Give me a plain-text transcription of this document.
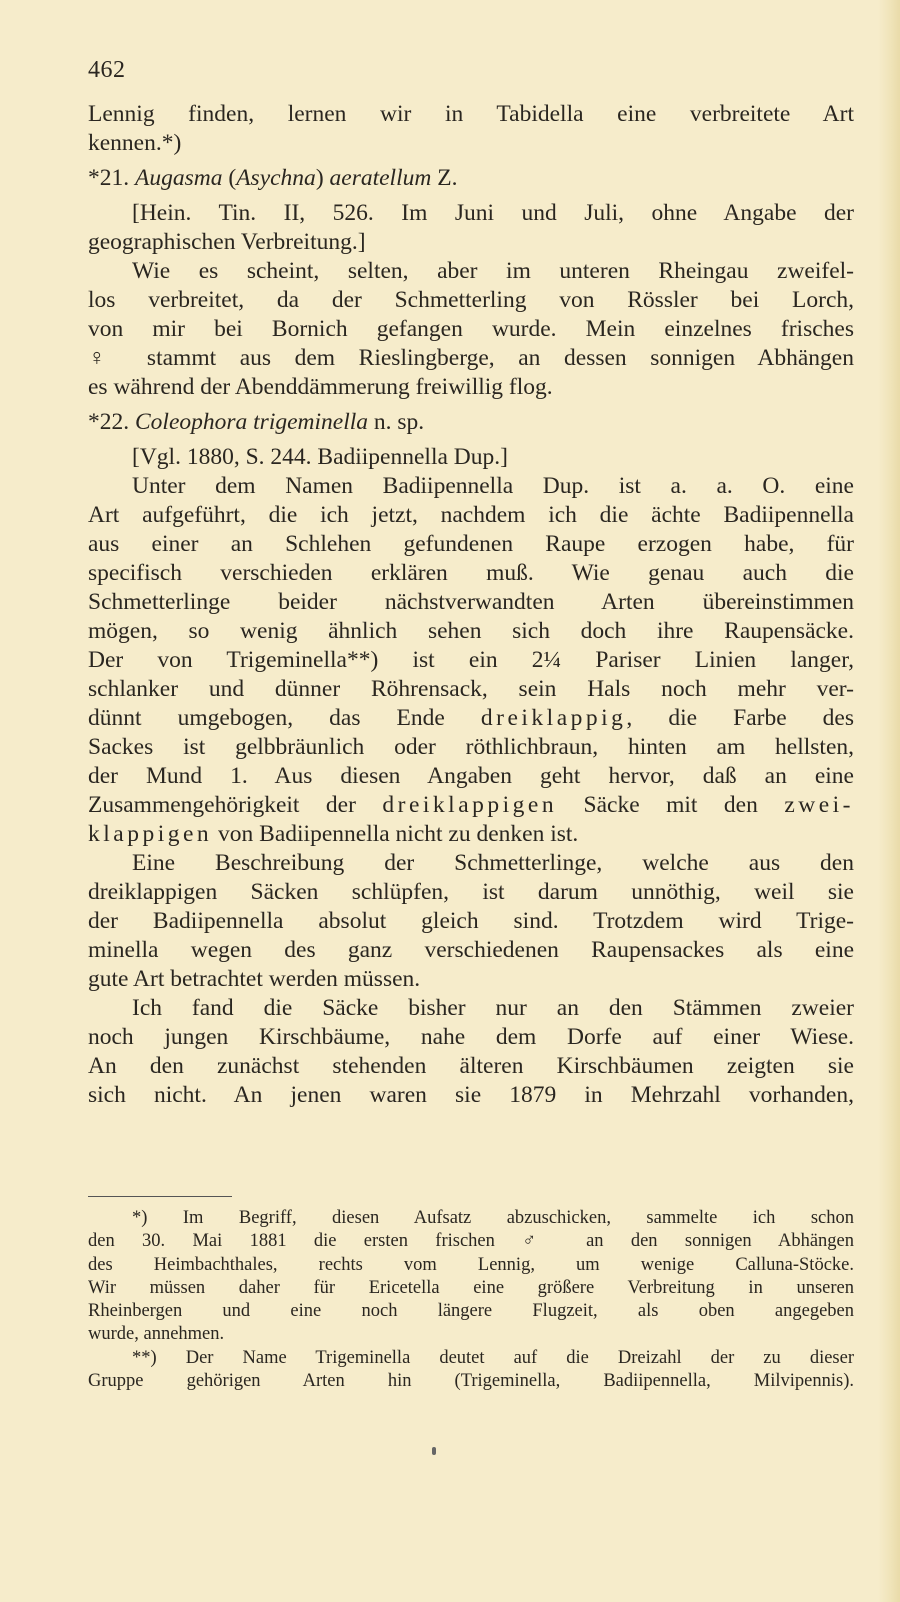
462
Lennig finden, lernen wir in Tabidella eine verbreitete Art
kennen.*)
*21. Augasma (Asychna) aeratellum Z.
[Hein. Tin. II, 526. Im Juni und Juli, ohne Angabe der
geographischen Verbreitung.]
Wie es scheint, selten, aber im unteren Rheingau zweifel-
los verbreitet, da der Schmetterling von Rössler bei Lorch,
von mir bei Bornich gefangen wurde. Mein einzelnes frisches
♀ stammt aus dem Rieslingberge, an dessen sonnigen Abhängen
es während der Abenddämmerung freiwillig flog.
*22. Coleophora trigeminella n. sp.
[Vgl. 1880, S. 244. Badiipennella Dup.]
Unter dem Namen Badiipennella Dup. ist a. a. O. eine
Art aufgeführt, die ich jetzt, nachdem ich die ächte Badiipennella
aus einer an Schlehen gefundenen Raupe erzogen habe, für
specifisch verschieden erklären muß. Wie genau auch die
Schmetterlinge beider nächstverwandten Arten übereinstimmen
mögen, so wenig ähnlich sehen sich doch ihre Raupensäcke.
Der von Trigeminella**) ist ein 2¼ Pariser Linien langer,
schlanker und dünner Röhrensack, sein Hals noch mehr ver-
dünnt umgebogen, das Ende dreiklappig, die Farbe des
Sackes ist gelbbräunlich oder röthlichbraun, hinten am hellsten,
der Mund 1. Aus diesen Angaben geht hervor, daß an eine
Zusammengehörigkeit der dreiklappigen Säcke mit den zwei-
klappigen von Badiipennella nicht zu denken ist.
Eine Beschreibung der Schmetterlinge, welche aus den
dreiklappigen Säcken schlüpfen, ist darum unnöthig, weil sie
der Badiipennella absolut gleich sind. Trotzdem wird Trige-
minella wegen des ganz verschiedenen Raupensackes als eine
gute Art betrachtet werden müssen.
Ich fand die Säcke bisher nur an den Stämmen zweier
noch jungen Kirschbäume, nahe dem Dorfe auf einer Wiese.
An den zunächst stehenden älteren Kirschbäumen zeigten sie
sich nicht. An jenen waren sie 1879 in Mehrzahl vorhanden,
*) Im Begriff, diesen Aufsatz abzuschicken, sammelte ich schon
den 30. Mai 1881 die ersten frischen ♂ an den sonnigen Abhängen
des Heimbachthales, rechts vom Lennig, um wenige Calluna-Stöcke.
Wir müssen daher für Ericetella eine größere Verbreitung in unseren
Rheinbergen und eine noch längere Flugzeit, als oben angegeben
wurde, annehmen.
**) Der Name Trigeminella deutet auf die Dreizahl der zu dieser
Gruppe gehörigen Arten hin (Trigeminella, Badiipennella, Milvipennis).
